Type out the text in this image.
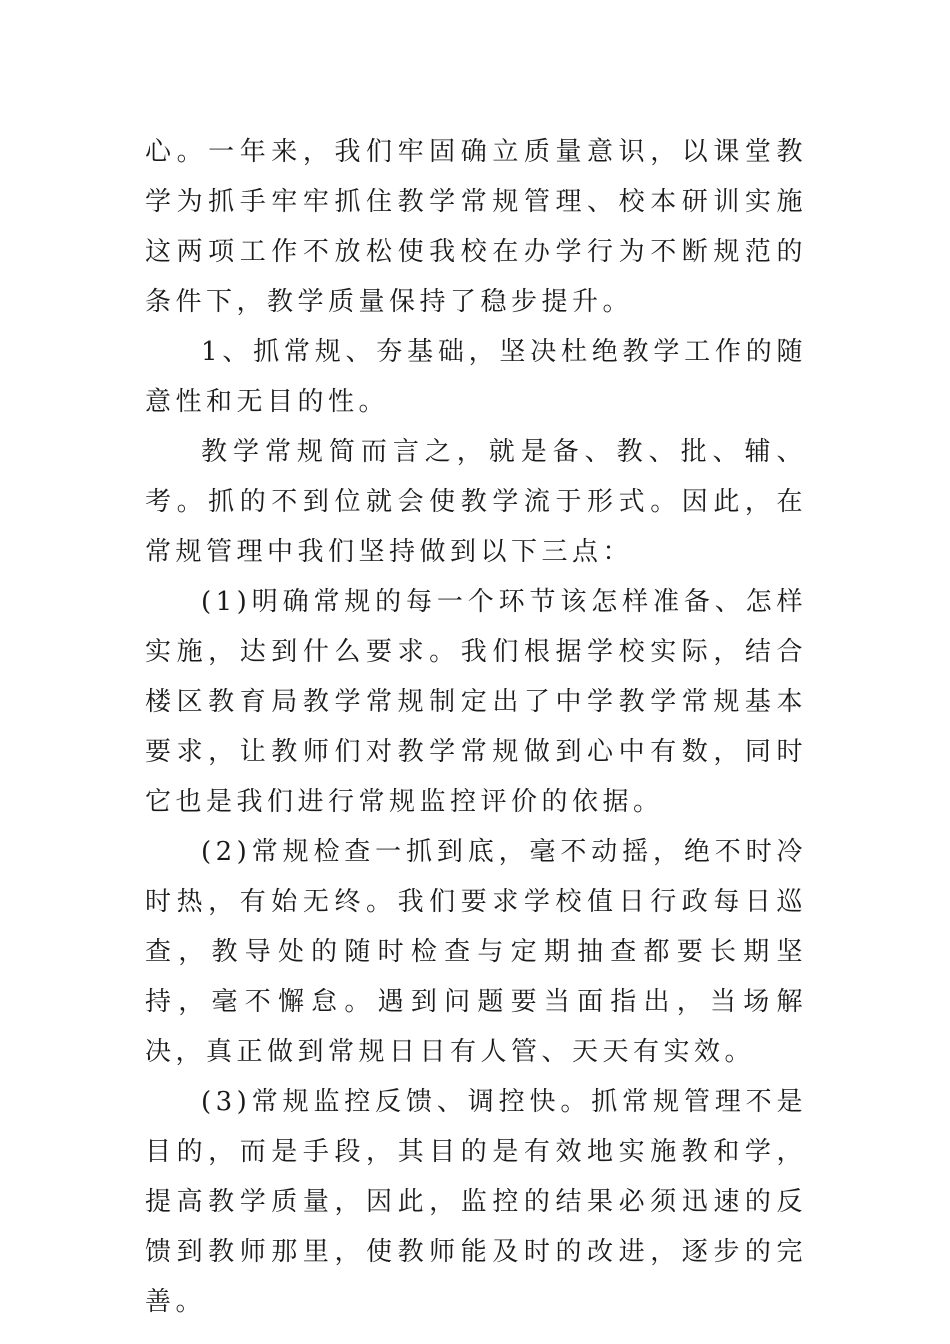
心。一年来，我们牢固确立质量意识，以课堂教学为抓手牢牢抓住教学常规管理、校本研训实施这两项工作不放松使我校在办学行为不断规范的条件下，教学质量保持了稳步提升。

1、抓常规、夯基础，坚决杜绝教学工作的随意性和无目的性。

教学常规简而言之，就是备、教、批、辅、考。抓的不到位就会使教学流于形式。因此，在常规管理中我们坚持做到以下三点：

(1)明确常规的每一个环节该怎样准备、怎样实施，达到什么要求。我们根据学校实际，结合楼区教育局教学常规制定出了中学教学常规基本要求，让教师们对教学常规做到心中有数，同时它也是我们进行常规监控评价的依据。

(2)常规检查一抓到底，毫不动摇，绝不时冷时热，有始无终。我们要求学校值日行政每日巡查，教导处的随时检查与定期抽查都要长期坚持，毫不懈怠。遇到问题要当面指出，当场解决，真正做到常规日日有人管、天天有实效。

(3)常规监控反馈、调控快。抓常规管理不是目的，而是手段，其目的是有效地实施教和学，提高教学质量，因此，监控的结果必须迅速的反馈到教师那里，使教师能及时的改进，逐步的完善。
